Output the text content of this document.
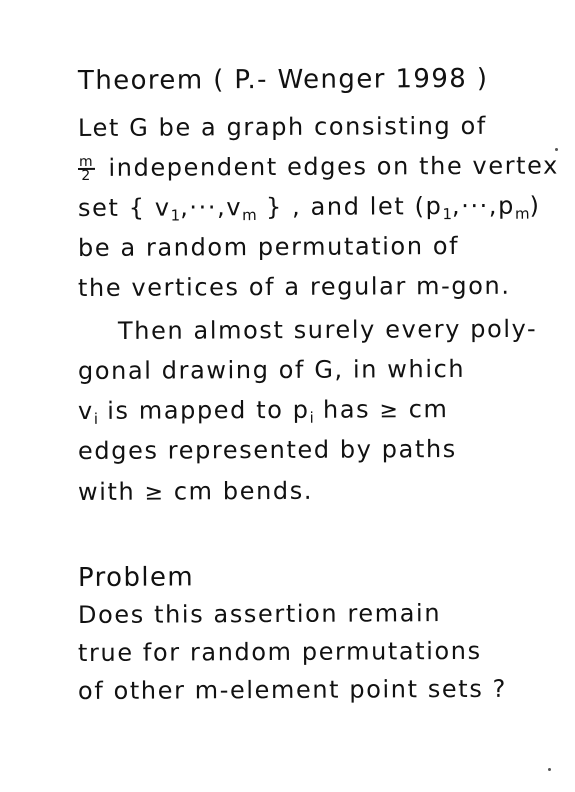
Theorem ( P.- Wenger 1998 )
Let G be a graph consisting of
$\frac{m}{2}$ independent edges on the vertex
set { $v_1,\cdot\cdot\cdot,v_m$ } , and let $(p_1,\cdot\cdot\cdot,p_m)$
be a random permutation of
the vertices of a regular m-gon.
Then almost surely every poly-
gonal drawing of G, in which
$v_i$ is mapped to $p_i$ has ≥ cm
edges represented by paths
with ≥ cm bends.
Problem
Does this assertion remain
true for random permutations
of other m-element point sets ?
